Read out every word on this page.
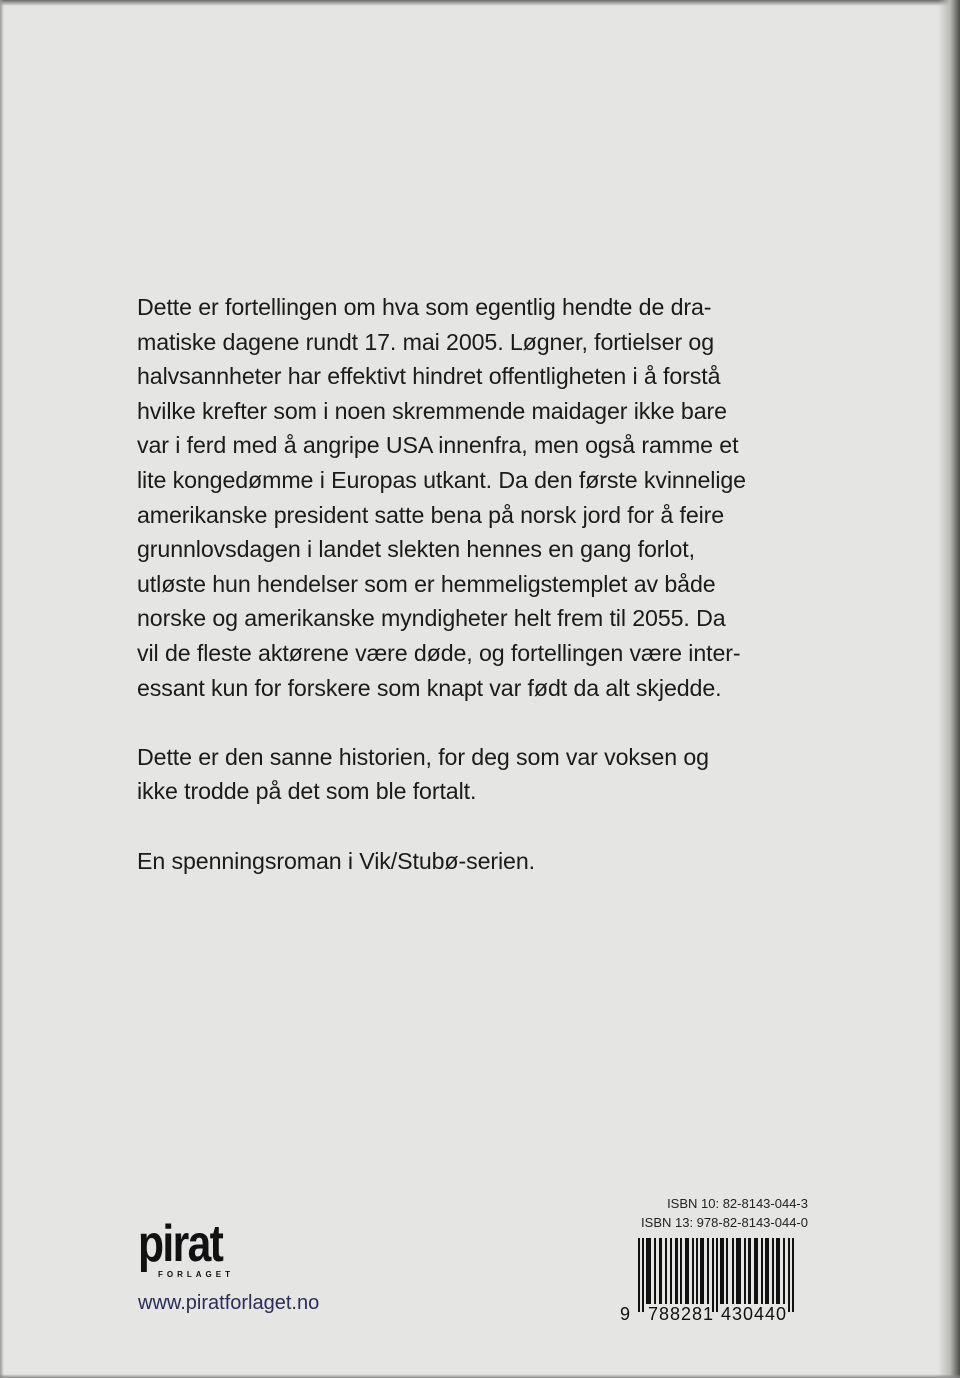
Dette er fortellingen om hva som egentlig hendte de dra-
matiske dagene rundt 17. mai 2005. Løgner, fortielser og
halvsannheter har effektivt hindret offentligheten i å forstå
hvilke krefter som i noen skremmende maidager ikke bare
var i ferd med å angripe USA innenfra, men også ramme et
lite kongedømme i Europas utkant. Da den første kvinnelige
amerikanske president satte bena på norsk jord for å feire
grunnlovsdagen i landet slekten hennes en gang forlot,
utløste hun hendelser som er hemmeligstemplet av både
norske og amerikanske myndigheter helt frem til 2055. Da
vil de fleste aktørene være døde, og fortellingen være inter-
essant kun for forskere som knapt var født da alt skjedde.

Dette er den sanne historien, for deg som var voksen og
ikke trodde på det som ble fortalt.

En spenningsroman i Vik/Stubø-serien.

pirat
FORLAGET
www.piratforlaget.no
ISBN 10: 82-8143-044-3
ISBN 13: 978-82-8143-044-0
9 788281 430440
